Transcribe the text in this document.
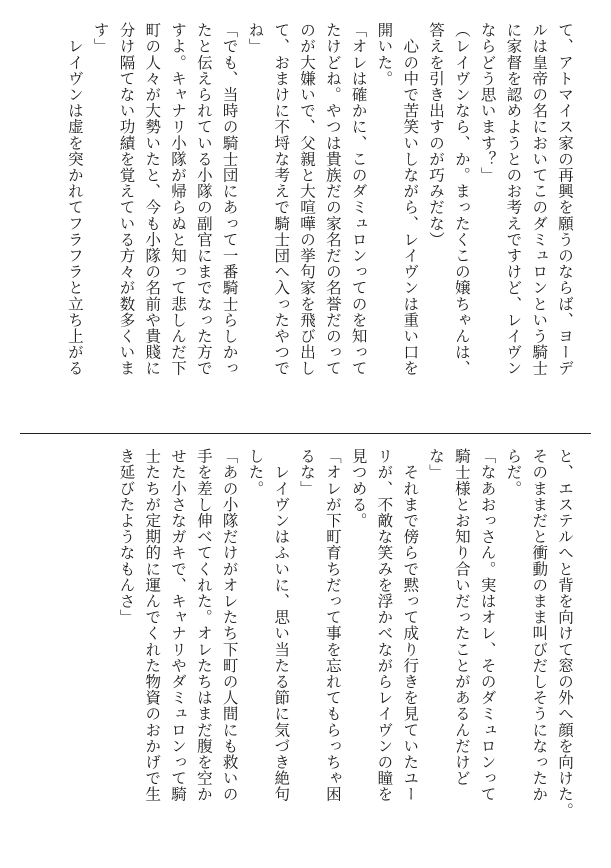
て、アトマイス家の再興を願うのならば、ヨーデ
ルは皇帝の名においてこのダミュロンという騎士
に家督を認めようとのお考えですけど、レイヴン
ならどう思います？」
（レイヴンなら、か。まったくこの嬢ちゃんは、
答えを引き出すのが巧みだな）
　心の中で苦笑いしながら、レイヴンは重い口を
開いた。
「オレは確かに、このダミュロンってのを知って
たけどね。やつは貴族だの家名だの名誉だのって
のが大嫌いで、父親と大喧嘩の挙句家を飛び出し
て、おまけに不埒な考えで騎士団へ入ったやつで
ね」
「でも、当時の騎士団にあって一番騎士らしかっ
たと伝えられている小隊の副官にまでなった方で
すよ。キャナリ小隊が帰らぬと知って悲しんだ下
町の人々が大勢いたと、今も小隊の名前や貴賤に
分け隔てない功績を覚えている方々が数多くいま
す」
　レイヴンは虚を突かれてフラフラと立ち上がる
と、エステルへと背を向けて窓の外へ顔を向けた。
そのままだと衝動のまま叫びだしそうになったか
らだ。
「なあおっさん。実はオレ、そのダミュロンって
騎士様とお知り合いだったことがあるんだけど
な」
　それまで傍らで黙って成り行きを見ていたユー
リが、不敵な笑みを浮かべながらレイヴンの瞳を
見つめる。
「オレが下町育ちだって事を忘れてもらっちゃ困
るな」
　レイヴンはふいに、思い当たる節に気づき絶句
した。
「あの小隊だけがオレたち下町の人間にも救いの
手を差し伸べてくれた。オレたちはまだ腹を空か
せた小さなガキで、キャナリやダミュロンって騎
士たちが定期的に運んでくれた物資のおかげで生
き延びたようなもんさ」
